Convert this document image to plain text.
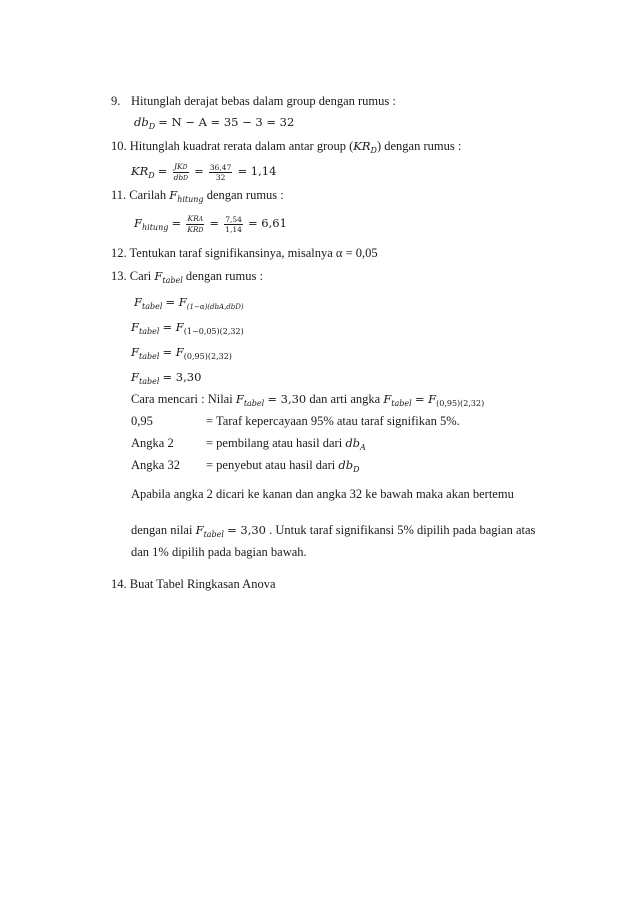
9. Hitunglah derajat bebas dalam group dengan rumus :
$db_D = N - A = 35 - 3 = 32$
10. Hitunglah kuadrat rerata dalam antar group $(KR_D)$ dengan rumus :
$KR_D = \frac{\text{JKD}}{\text{dbD}} = \frac{36,47}{32} = 1,14$
11. Carilah $F_{hitung}$ dengan rumus :
$F_{hitung} = \frac{\text{KRA}}{\text{KRD}} = \frac{7,54}{1,14} = 6,61$
12. Tentukan taraf signifikansinya, misalnya α = 0,05
13. Cari $F_{tabel}$ dengan rumus :
$F_{tabel} = F_{(1-\alpha)(dbA,dbD)}$
$F_{tabel} = F_{(1-0,05)(2,32)}$
$F_{tabel} = F_{(0,95)(2,32)}$
$F_{tabel} = 3,30$
Cara mencari : Nilai $F_{tabel} = 3,30$ dan arti angka $F_{tabel} = F_{(0,95)(2,32)}$
0,95	= Taraf kepercayaan 95% atau taraf signifikan 5%.
Angka 2	= pembilang atau hasil dari $db_A$
Angka 32 = penyebut atau hasil dari $db_D$
Apabila angka 2 dicari ke kanan dan angka 32 ke bawah maka akan bertemu
dengan nilai $F_{tabel} = 3,30$ . Untuk taraf signifikansi 5% dipilih pada bagian atas
dan 1% dipilih pada bagian bawah.
14. Buat Tabel Ringkasan Anova
